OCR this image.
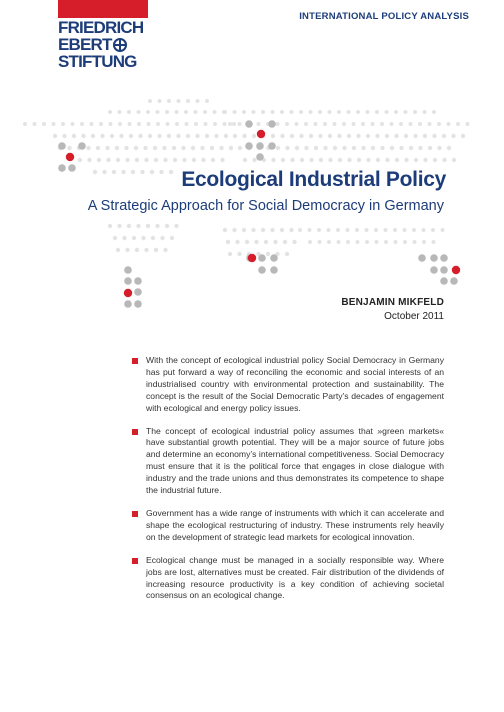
FRIEDRICH
EBERT
STIFTUNG
INTERNATIONAL POLICY ANALYSIS
Ecological Industrial Policy
A Strategic Approach for Social Democracy in Germany
BENJAMIN MIKFELD
October 2011
With the concept of ecological industrial policy Social Democracy in Germany has put forward a way of reconciling the economic and social interests of an industrialised country with environmental protection and sustainability. The concept is the result of the Social Democratic Party’s decades of engagement with ecological and energy policy issues.
The concept of ecological industrial policy assumes that »green markets« have substantial growth potential. They will be a major source of future jobs and determine an economy’s international competitiveness. Social Democracy must ensure that it is the political force that engages in close dialogue with industry and the trade unions and thus demonstrates its competence to shape the industrial future.
Government has a wide range of instruments with which it can accelerate and shape the ecological restructuring of industry. These instruments rely heavily on the development of strategic lead markets for ecological innovation.
Ecological change must be managed in a socially responsible way. Where jobs are lost, alternatives must be created. Fair distribution of the dividends of increasing resource productivity is a key condition of achieving societal consensus on an ecological change.
